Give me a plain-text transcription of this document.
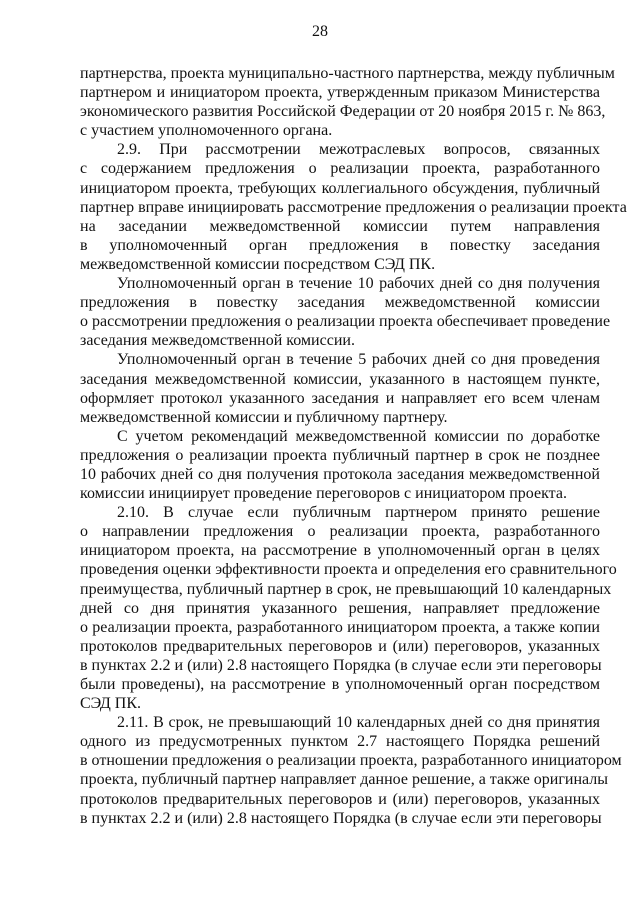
28

партнерства, проекта муниципально-частного партнерства, между публичным
партнером и инициатором проекта, утвержденным приказом Министерства
экономического развития Российской Федерации от 20 ноября 2015 г. № 863,
с участием уполномоченного органа.

2.9. При рассмотрении межотраслевых вопросов, связанных
с содержанием предложения о реализации проекта, разработанного
инициатором проекта, требующих коллегиального обсуждения, публичный
партнер вправе инициировать рассмотрение предложения о реализации проекта
на заседании межведомственной комиссии путем направления
в уполномоченный орган предложения в повестку заседания
межведомственной комиссии посредством СЭД ПК.

Уполномоченный орган в течение 10 рабочих дней со дня получения
предложения в повестку заседания межведомственной комиссии
о рассмотрении предложения о реализации проекта обеспечивает проведение
заседания межведомственной комиссии.

Уполномоченный орган в течение 5 рабочих дней со дня проведения
заседания межведомственной комиссии, указанного в настоящем пункте,
оформляет протокол указанного заседания и направляет его всем членам
межведомственной комиссии и публичному партнеру.

С учетом рекомендаций межведомственной комиссии по доработке
предложения о реализации проекта публичный партнер в срок не позднее
10 рабочих дней со дня получения протокола заседания межведомственной
комиссии инициирует проведение переговоров с инициатором проекта.

2.10. В случае если публичным партнером принято решение
о направлении предложения о реализации проекта, разработанного
инициатором проекта, на рассмотрение в уполномоченный орган в целях
проведения оценки эффективности проекта и определения его сравнительного
преимущества, публичный партнер в срок, не превышающий 10 календарных
дней со дня принятия указанного решения, направляет предложение
о реализации проекта, разработанного инициатором проекта, а также копии
протоколов предварительных переговоров и (или) переговоров, указанных
в пунктах 2.2 и (или) 2.8 настоящего Порядка (в случае если эти переговоры
были проведены), на рассмотрение в уполномоченный орган посредством
СЭД ПК.

2.11. В срок, не превышающий 10 календарных дней со дня принятия
одного из предусмотренных пунктом 2.7 настоящего Порядка решений
в отношении предложения о реализации проекта, разработанного инициатором
проекта, публичный партнер направляет данное решение, а также оригиналы
протоколов предварительных переговоров и (или) переговоров, указанных
в пунктах 2.2 и (или) 2.8 настоящего Порядка (в случае если эти переговоры
